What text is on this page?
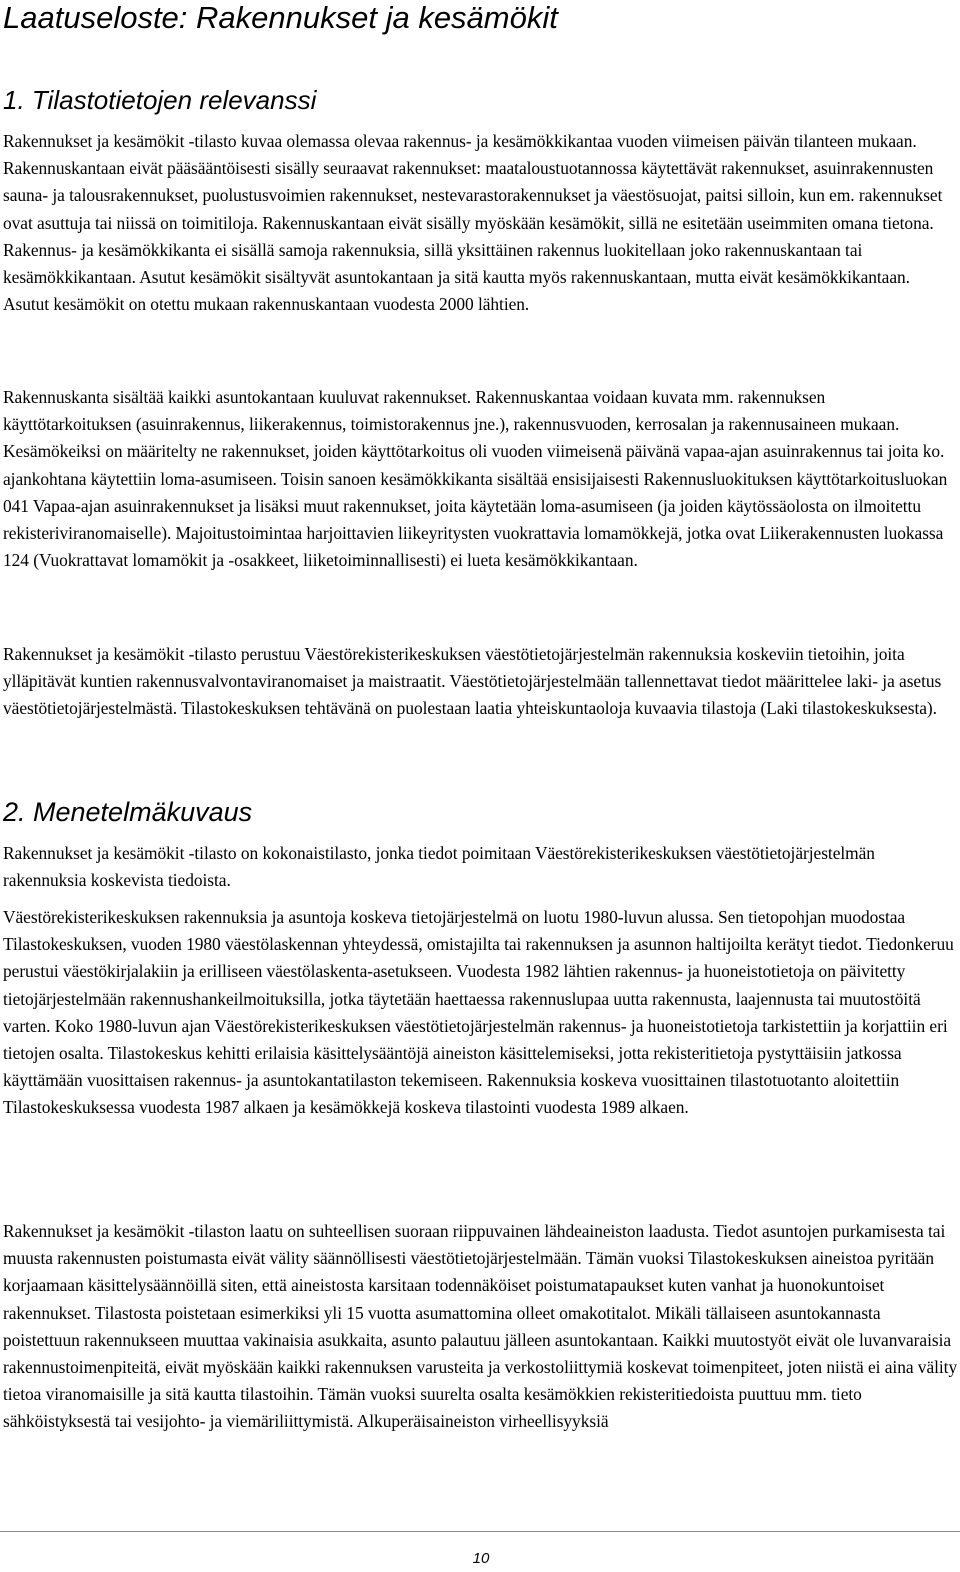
Laatuseloste: Rakennukset ja kesämökit
1. Tilastotietojen relevanssi

Rakennukset ja kesämökit -tilasto kuvaa olemassa olevaa rakennus- ja kesämökkikantaa vuoden viimeisen päivän tilanteen mukaan. Rakennuskantaan eivät pääsääntöisesti sisälly seuraavat rakennukset: maataloustuotannossa käytettävät rakennukset, asuinrakennusten sauna- ja talousrakennukset, puolustusvoimien rakennukset, nestevarastorakennukset ja väestösuojat, paitsi silloin, kun em. rakennukset ovat asuttuja tai niissä on toimitiloja. Rakennuskantaan eivät sisälly myöskään kesämökit, sillä ne esitetään useimmiten omana tietona. Rakennus- ja kesämökkikanta ei sisällä samoja rakennuksia, sillä yksittäinen rakennus luokitellaan joko rakennuskantaan tai kesämökkikantaan. Asutut kesämökit sisältyvät asuntokantaan ja sitä kautta myös rakennuskantaan, mutta eivät kesämökkikantaan. Asutut kesämökit on otettu mukaan rakennuskantaan vuodesta 2000 lähtien.

Rakennuskanta sisältää kaikki asuntokantaan kuuluvat rakennukset. Rakennuskantaa voidaan kuvata mm. rakennuksen käyttötarkoituksen (asuinrakennus, liikerakennus, toimistorakennus jne.), rakennusvuoden, kerrosalan ja rakennusaineen mukaan. Kesämökeiksi on määritelty ne rakennukset, joiden käyttötarkoitus oli vuoden viimeisenä päivänä vapaa-ajan asuinrakennus tai joita ko. ajankohtana käytettiin loma-asumiseen. Toisin sanoen kesämökkikanta sisältää ensisijaisesti Rakennusluokituksen käyttötarkoitusluokan 041 Vapaa-ajan asuinrakennukset ja lisäksi muut rakennukset, joita käytetään loma-asumiseen (ja joiden käytössäolosta on ilmoitettu rekisteriviranomaiselle). Majoitustoimintaa harjoittavien liikeyritysten vuokrattavia lomamökkejä, jotka ovat Liikerakennusten luokassa 124 (Vuokrattavat lomamökit ja -osakkeet, liiketoiminnallisesti) ei lueta kesämökkikantaan.

Rakennukset ja kesämökit -tilasto perustuu Väestörekisterikeskuksen väestötietojärjestelmän rakennuksia koskeviin tietoihin, joita ylläpitävät kuntien rakennusvalvontaviranomaiset ja maistraatit. Väestötietojärjestelmään tallennettavat tiedot määrittelee laki- ja asetus väestötietojärjestelmästä. Tilastokeskuksen tehtävänä on puolestaan laatia yhteiskuntaoloja kuvaavia tilastoja (Laki tilastokeskuksesta).

2. Menetelmäkuvaus

Rakennukset ja kesämökit -tilasto on kokonaistilasto, jonka tiedot poimitaan Väestörekisterikeskuksen väestötietojärjestelmän rakennuksia koskevista tiedoista.

Väestörekisterikeskuksen rakennuksia ja asuntoja koskeva tietojärjestelmä on luotu 1980-luvun alussa. Sen tietopohjan muodostaa Tilastokeskuksen, vuoden 1980 väestölaskennan yhteydessä, omistajilta tai rakennuksen ja asunnon haltijoilta kerätyt tiedot. Tiedonkeruu perustui väestökirjalakiin ja erilliseen väestölaskenta-asetukseen. Vuodesta 1982 lähtien rakennus- ja huoneistotietoja on päivitetty tietojärjestelmään rakennushankeilmoituksilla, jotka täytetään haettaessa rakennuslupaa uutta rakennusta, laajennusta tai muutostöitä varten. Koko 1980-luvun ajan Väestörekisterikeskuksen väestötietojärjestelmän rakennus- ja huoneistotietoja tarkistettiin ja korjattiin eri tietojen osalta. Tilastokeskus kehitti erilaisia käsittelysääntöjä aineiston käsittelemiseksi, jotta rekisteritietoja pystyttäisiin jatkossa käyttämään vuosittaisen rakennus- ja asuntokantatilaston tekemiseen. Rakennuksia koskeva vuosittainen tilastotuotanto aloitettiin Tilastokeskuksessa vuodesta 1987 alkaen ja kesämökkejä koskeva tilastointi vuodesta 1989 alkaen.

Rakennukset ja kesämökit -tilaston laatu on suhteellisen suoraan riippuvainen lähdeaineiston laadusta. Tiedot asuntojen purkamisesta tai muusta rakennusten poistumasta eivät välity säännöllisesti väestötietojärjestelmään. Tämän vuoksi Tilastokeskuksen aineistoa pyritään korjaamaan käsittelysäännöillä siten, että aineistosta karsitaan todennäköiset poistumatapaukset kuten vanhat ja huonokuntoiset rakennukset. Tilastosta poistetaan esimerkiksi yli 15 vuotta asumattomina olleet omakotitalot. Mikäli tällaiseen asuntokannasta poistettuun rakennukseen muuttaa vakinaisia asukkaita, asunto palautuu jälleen asuntokantaan. Kaikki muutostyöt eivät ole luvanvaraisia rakennustoimenpiteitä, eivät myöskään kaikki rakennuksen varusteita ja verkostoliittymiä koskevat toimenpiteet, joten niistä ei aina välity tietoa viranomaisille ja sitä kautta tilastoihin. Tämän vuoksi suurelta osalta kesämökkien rekisteritiedoista puuttuu mm. tieto sähköistyksestä tai vesijohto- ja viemäriliittymistä. Alkuperäisaineiston virheellisyyksiä

10
